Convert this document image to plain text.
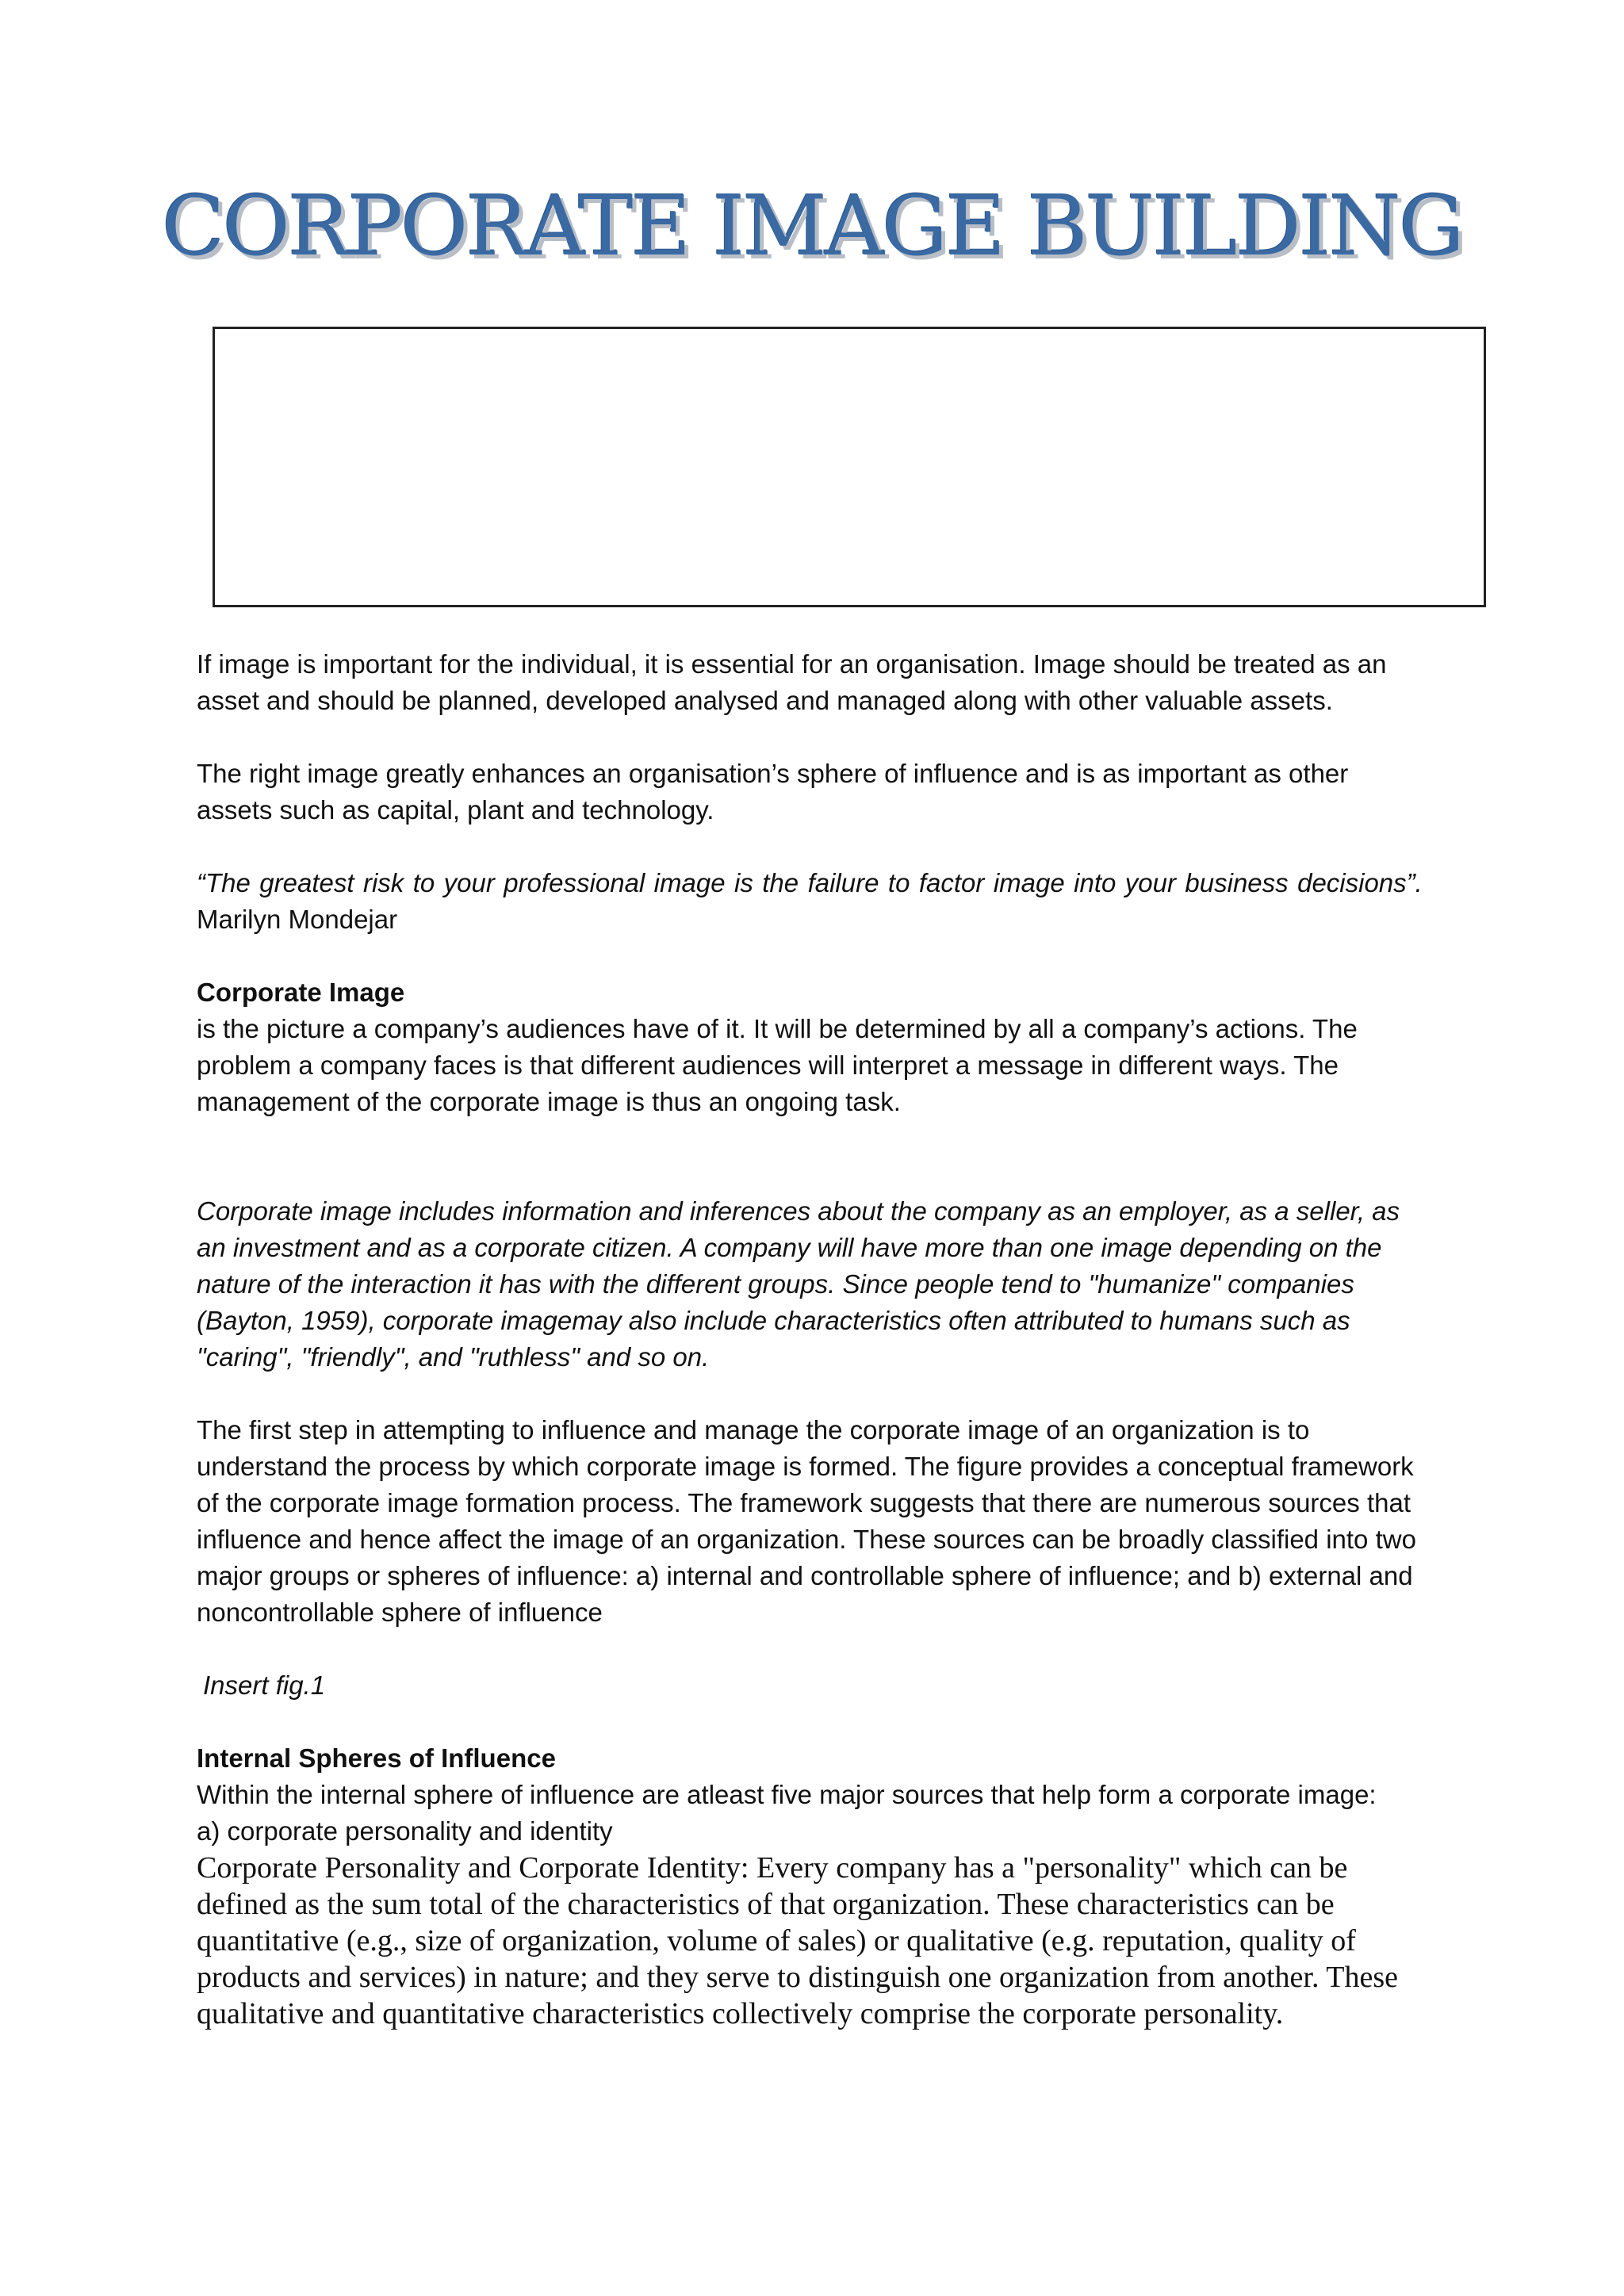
CORPORATE IMAGE BUILDING

If image is important for the individual, it is essential for an organisation. Image should be treated as an asset and should be planned, developed analysed and managed along with other valuable assets.

The right image greatly enhances an organisation’s sphere of influence and is as important as other assets such as capital, plant and technology.

“The greatest risk to your professional image is the failure to factor image into your business decisions”.  Marilyn Mondejar

Corporate Image

is the picture a company’s audiences have of it. It will be determined by all a company’s actions. The problem a company faces is that different audiences will interpret a message in different ways. The management of the corporate image is thus an ongoing task.

Corporate image includes information and inferences about the company as an employer, as a seller, as an investment and as a corporate citizen. A company will have more than one image depending on the nature of the interaction it has with the different groups. Since people tend to "humanize" companies (Bayton, 1959), corporate imagemay also include characteristics often attributed to humans such as "caring", "friendly", and "ruthless" and so on.

The first step in attempting to influence and manage the corporate image of an organization is to understand the process by which corporate image is formed. The figure provides a conceptual framework of the corporate image formation process. The framework suggests that there are numerous sources that influence and hence affect the image of an organization. These sources can be broadly classified into two major groups or spheres of influence: a) internal and controllable sphere of influence; and b) external and noncontrollable sphere of influence

Insert fig.1

Internal Spheres of Influence

Within the internal sphere of influence are atleast five major sources that help form a corporate image:

a) corporate personality and identity

Corporate Personality and Corporate Identity: Every company has a "personality" which can be defined as the sum total of the characteristics of that organization. These characteristics can be quantitative (e.g., size of organization, volume of sales) or qualitative (e.g. reputation, quality of products and services) in nature; and they serve to distinguish one organization from another. These qualitative and quantitative characteristics collectively comprise the corporate personality.
